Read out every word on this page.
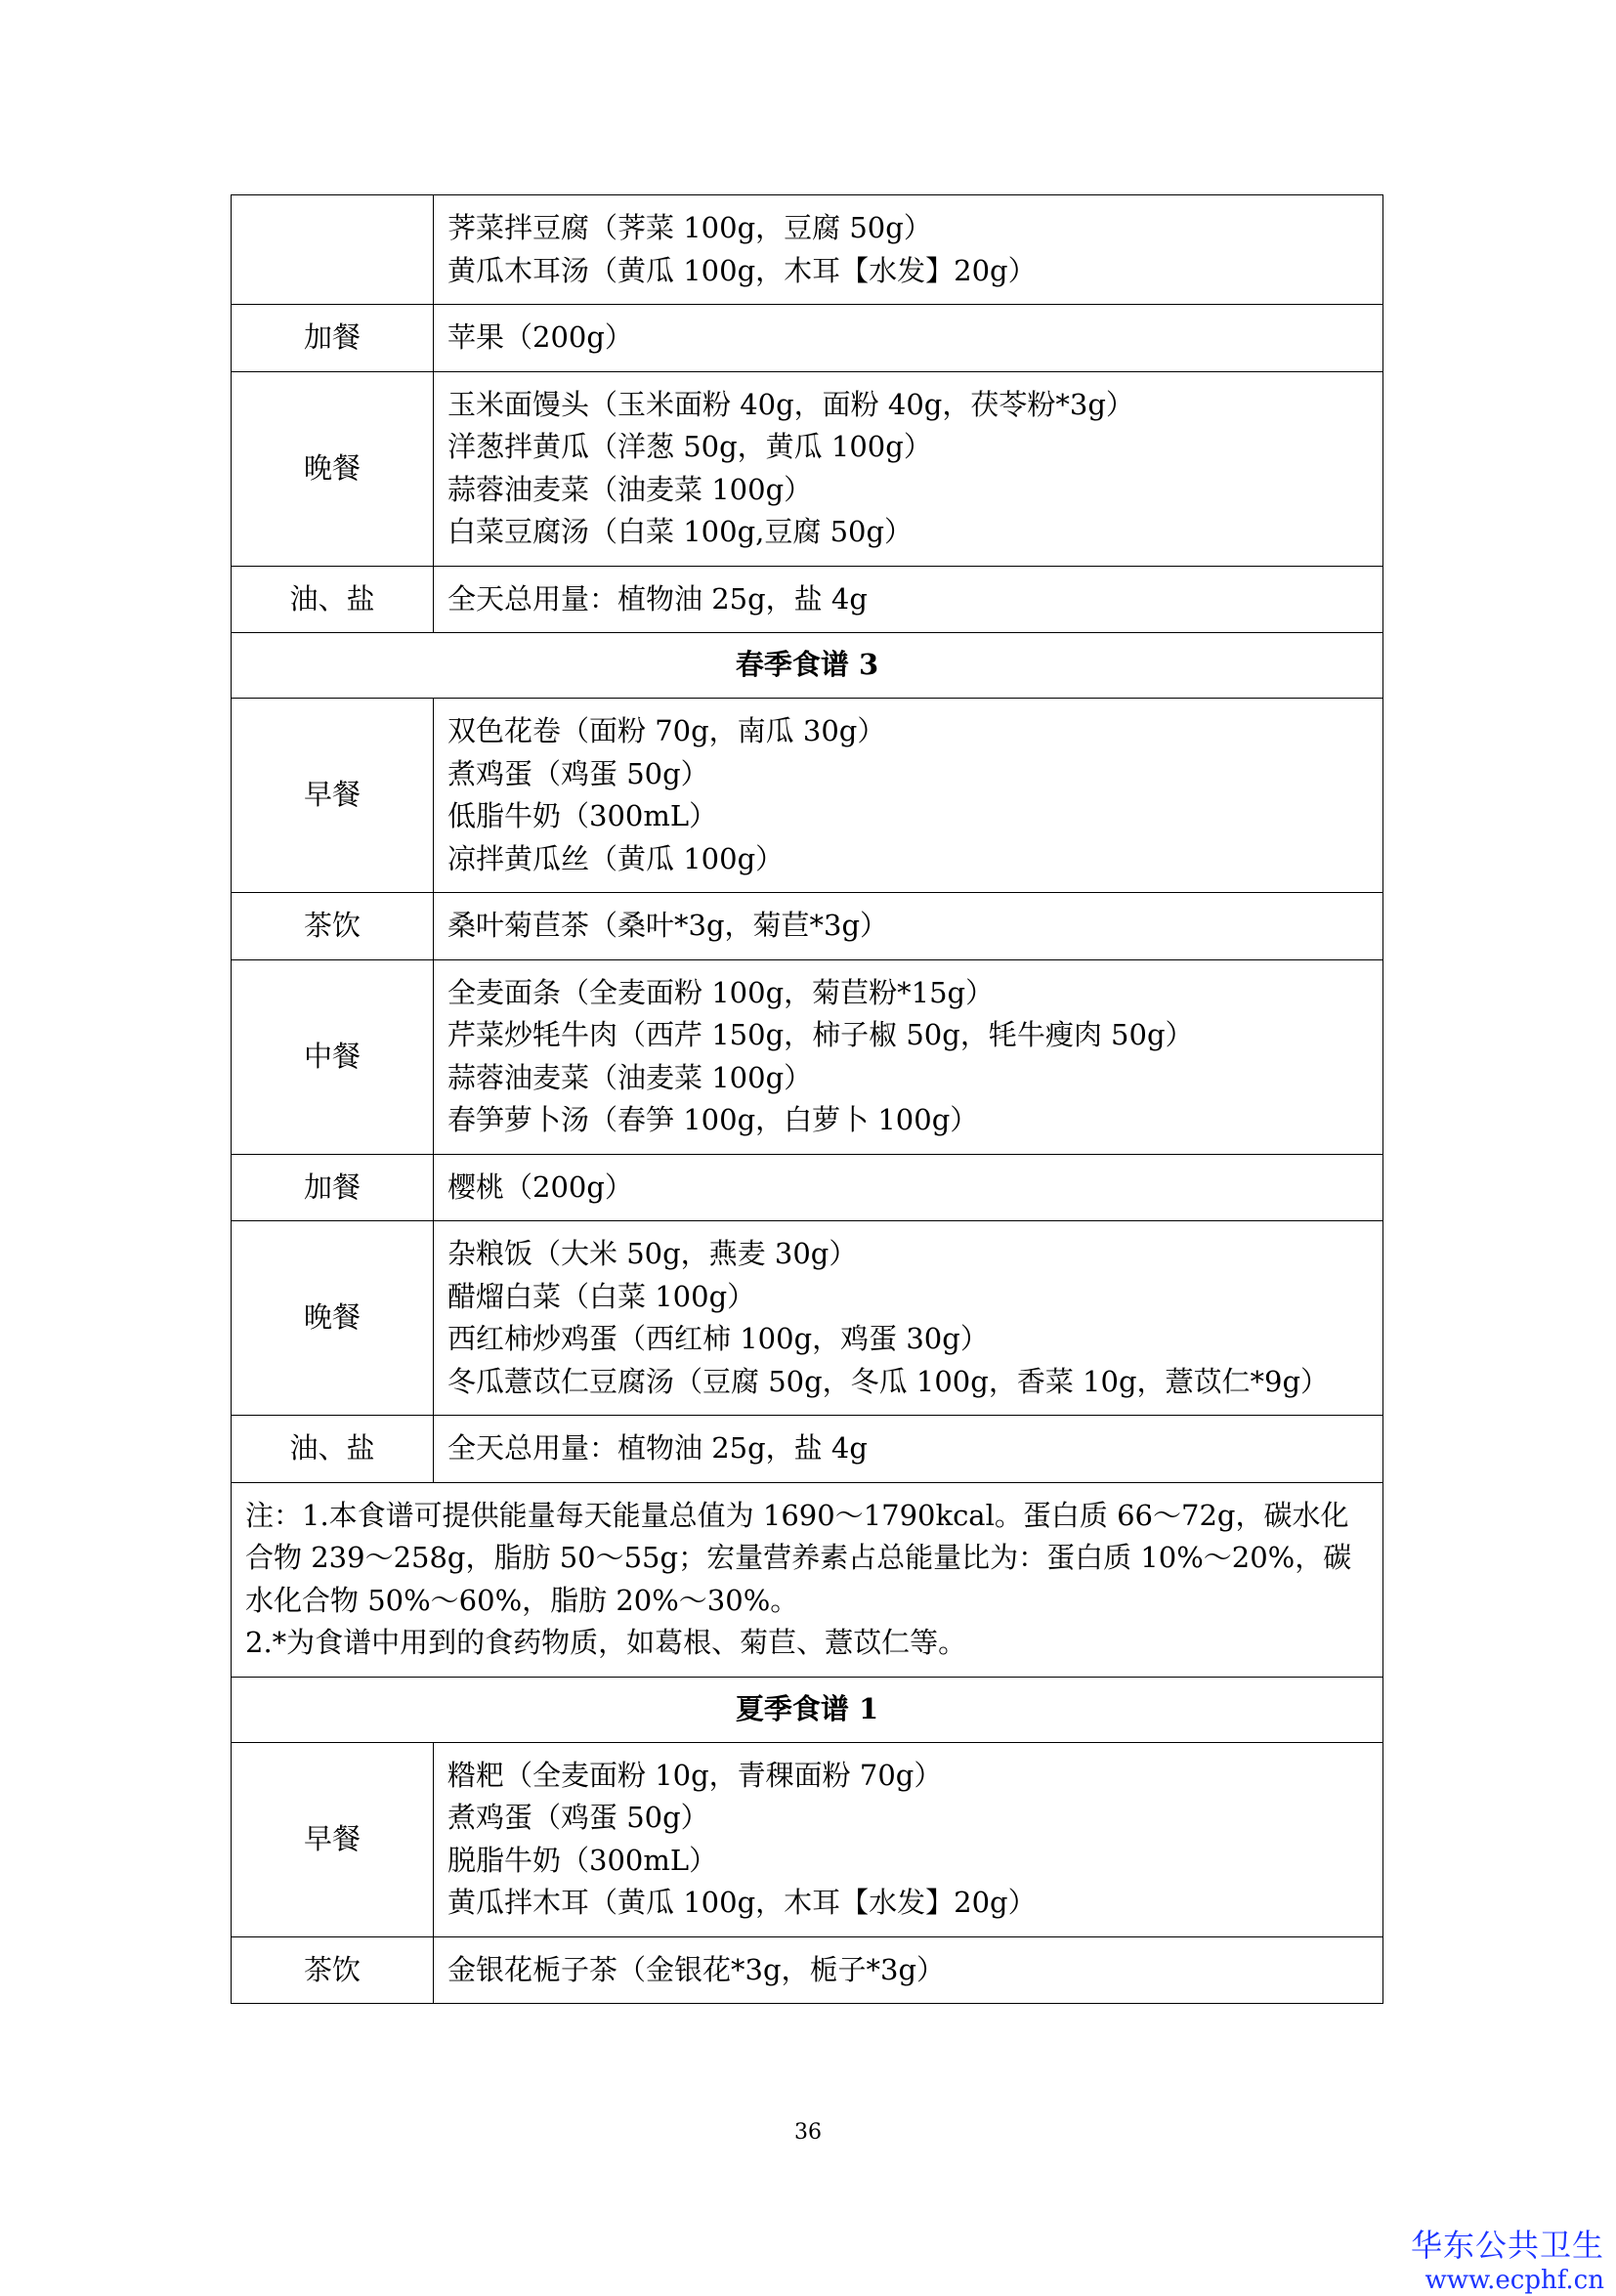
	荠菜拌豆腐（荠菜 100g，豆腐 50g）
黄瓜木耳汤（黄瓜 100g，木耳【水发】20g）

加餐	苹果（200g）

晚餐	玉米面馒头（玉米面粉 40g，面粉 40g，茯苓粉*3g）
洋葱拌黄瓜（洋葱 50g，黄瓜 100g）
蒜蓉油麦菜（油麦菜 100g）
白菜豆腐汤（白菜 100g,豆腐 50g）

油、盐	全天总用量：植物油 25g，盐 4g

春季食谱 3	
早餐	双色花卷（面粉 70g，南瓜 30g）
煮鸡蛋（鸡蛋 50g）
低脂牛奶（300mL）
凉拌黄瓜丝（黄瓜 100g）

茶饮	桑叶菊苣茶（桑叶*3g，菊苣*3g）

中餐	全麦面条（全麦面粉 100g，菊苣粉*15g）
芹菜炒牦牛肉（西芹 150g，柿子椒 50g，牦牛瘦肉 50g）
蒜蓉油麦菜（油麦菜 100g）
春笋萝卜汤（春笋 100g，白萝卜 100g）

加餐	樱桃（200g）

晚餐	杂粮饭（大米 50g，燕麦 30g）
醋熘白菜（白菜 100g）
西红柿炒鸡蛋（西红柿 100g，鸡蛋 30g）
冬瓜薏苡仁豆腐汤（豆腐 50g，冬瓜 100g，香菜 10g，薏苡仁*9g）

油、盐	全天总用量：植物油 25g，盐 4g

注：1.本食谱可提供能量每天能量总值为 1690～1790kcal。蛋白质 66～72g，碳水化合物 239～258g，脂肪 50～55g；宏量营养素占总能量比为：蛋白质 10%～20%，碳水化合物 50%～60%，脂肪 20%～30%。
2.*为食谱中用到的食药物质，如葛根、菊苣、薏苡仁等。	

夏季食谱 1	
早餐	糌粑（全麦面粉 10g，青稞面粉 70g）
煮鸡蛋（鸡蛋 50g）
脱脂牛奶（300mL）
黄瓜拌木耳（黄瓜 100g，木耳【水发】20g）

茶饮	金银花栀子茶（金银花*3g，栀子*3g）
36
华东公共卫生
www.ecphf.cn
